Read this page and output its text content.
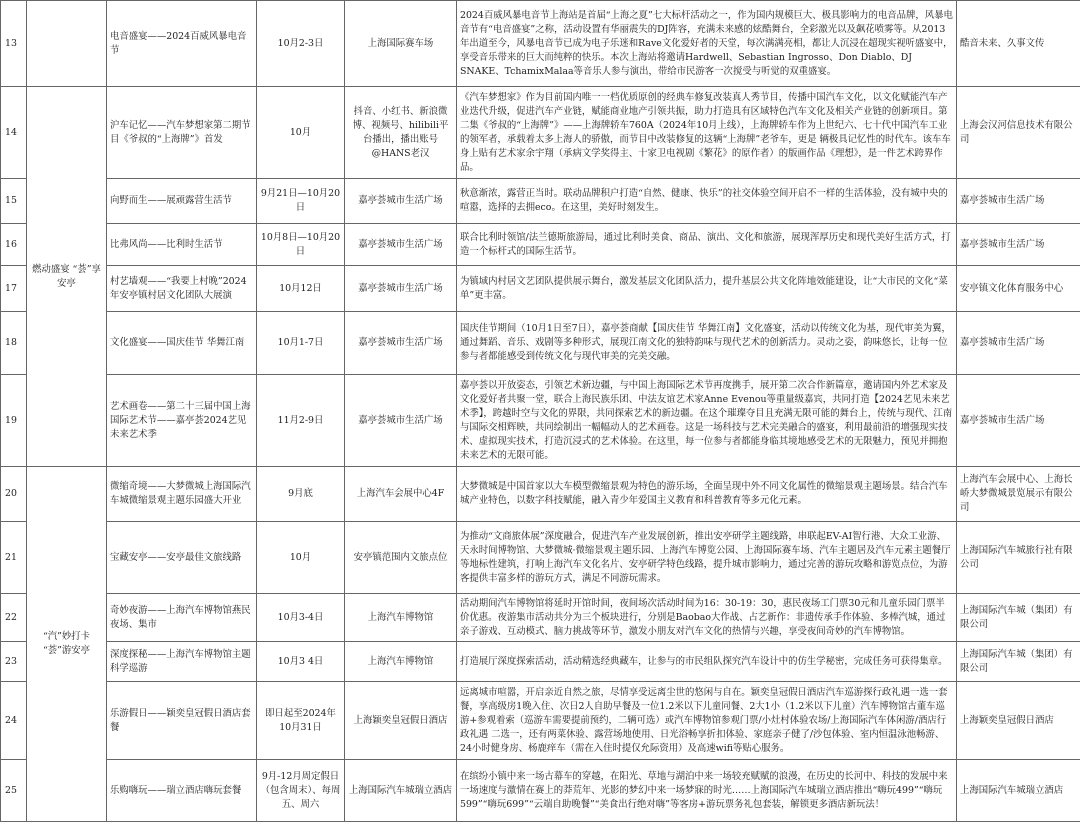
13		电音盛宴——2024百威风暴电音节	10月2-3日	上海国际赛车场	2024百威风暴电音节上海站是首届“上海之夏”七大标杆活动之一，作为国内规模巨大、极具影响力的电音品牌，风暴电音节有“电音盛宴”之称，活动设置有华丽震失的DJ阵容，充满未来感的炫酷舞台，全彩激光以及飙花喷雾等。从2013年出道至今，风暴电音节已成为电子乐迷和Rave文化爱好者的天堂，每次满满亮相，都让人沉浸在超现实视听盛宴中，享受音乐带来的巨大而纯粹的快乐。本次上海站将邀请Hardwell、Sebastian Ingrosso、Don Diablo、DJ SNAKE、TchamixMalaa等音乐人参与演出，带给市民游客一次搅受与听觉的双重盛宴。	酷音未来、久事文传
14	燃动盛宴 “荟”享安亭	沪车记忆——汽车梦想家第二期节目《爷叔的“上海牌”》首发	10月	抖音、小红书、新浪微博、视频号、hilibili平台播出，播出账号@HANS老汉	《汽车梦想家》作为目前国内唯一一档优质原创的经典车修复改装真人秀节目，传播中国汽车文化，以文化赋能汽车产业迭代升级，促进汽车产业链，赋能商业地产引领共振，助力打造具有区域特色汽车文化及相关产业链的创新项目。第二集《爷叔的“上海牌”》——上海牌轿车760A（2024年10月上线），上海牌轿车作为上世纪六、七十代中国汽车工业的领军者，承载着太多上海人的骄傲，而节目中改装修复的这辆“上海牌”老爷车，更是 辆极具记忆性的时代车。该车车身上贴有艺术家余宇翔（承病文学奖得主、十家卫电视剧《繁花》的原作者）的版画作品《理想》，是一件艺术跨界作品。	上海会汉河信息技术有限公司
15		向野而生——展顽露营生活节	9月21日—10月20日	嘉亭荟城市生活广场	秋意渐浓，露营正当时。联动品牌积户打造“自然、健康、快乐”的社交体验空间开启不一样的生活体验，没有城中央的喧嚣，选择的去拥eco。在这里，美好时刻发生。	嘉亭荟城市生活广场
16		比弗风尚——比利时生活节	10月8日—10月20日	嘉亭荟城市生活广场	联合比利时领馆/法兰德斯旅游局，通过比利时美食、商品、演出、文化和旅游，展现浑厚历史和现代美好生活方式，打造一个标杆式的国际生活节。	嘉亭荟城市生活广场
17		村艺墙观——“我要上村晚”2024年安亭镇村居文化团队大展演	10月12日	嘉亭荟城市生活广场	为镇域内村居文艺团队提供展示舞台，激发基层文化团队活力，提升基层公共文化阵地效能建设，让“大市民的文化“菜单”更丰富。	安亭镇文化体育服务中心
18		文化盛宴——国庆佳节 华舞江南	10月1-7日	嘉亭荟城市生活广场	国庆佳节期间（10月1日至7日），嘉亭荟商献【国庆佳节 华舞江南】文化盛宴，活动以传统文化为基，现代审美为翼，通过舞蹈、音乐、戏剧等多种形式，展现江南文化的独特韵味与现代艺术的创新活力。灵动之姿，韵味悠长，让每一位参与者都能感受到传统文化与现代审美的完美交融。	嘉亭荟城市生活广场
19		艺术画卷——第二十三届中国上海国际艺术节——嘉亭荟2024艺见未来艺术季	11月2-9日	嘉亭荟城市生活广场	嘉亭荟以开放姿态，引领艺术新边疆，与中国上海国际艺术节再度携手，展开第二次合作新篇章，邀请国内外艺术家及文化爱好者共聚一堂，联合上海民族乐团、中法友谊艺术家Anne Evenou等重量级嘉宾，共同打造【2024艺见未来艺术季】，跨越时空与文化的界限，共同探索艺术的新边疆。在这个璀璨夺目且充满无限可能的舞台上，传统与现代、江南与国际交相辉映，共同绘制出一幅幅动人的艺术画卷。这是一场科技与艺术完美融合的盛宴，利用最前沿的增强现实技术、虚拟现实技术，打造沉浸式的艺术体验。在这里，每一位参与者都能身临其境地感受艺术的无限魅力，预见并拥抱未来艺术的无限可能。	嘉亭荟城市生活广场
20	“汽”妙打卡 “荟”游安亭	微缩奇境——大梦微城上海国际汽车城微缩景观主题乐园盛大开业	9月底	上海汽车会展中心4F	大梦微城是中国首家以大车模型微缩景观为特色的游乐场，全面呈现中外不同文化属性的微缩景观主题场景。结合汽车城产业特色，以数字科技赋能，融入青少年爱国主义教育和科普教育等多元化元素。	上海汽车会展中心、上海长峤大梦微城景览展示有限公司
21		宝藏安亭——安亭最佳文旅线路	10月	安亭镇范围内文旅点位	为推动“文商旅体展”深度融合，促进汽车产业发展创新，推出安亭研学主题线路，串联起EV-AI智行港、大众工业游、天永时间博物馆、大梦微城·微缩景观主题乐园、上海汽车博览公园、上海国际赛车场、汽车主题居及汽车元素主题餐厅等地标性建筑，打响上海汽车文化名片、安亭研学特色线路，提升城市影响力，通过完善的游玩攻略和游览点位，为游客提供丰富多样的游玩方式，满足不同游玩需求。	上海国际汽车城旅行社有限公司
22		奇妙夜游——上海汽车博物馆燕民夜场、集市	10月3-4日	上海汽车博物馆	活动期间汽车博物馆将延时开馆时间，夜间场次活动时间为16：30-19：30，惠民夜场工门票30元和儿童乐园门票半价优惠。夜游集市活动共分为三个板块进行，分别是Baobao大作战、占艺新作：非遗传承手作体验、多棒汽城，通过亲子游戏、互动模式、脑力挑战等环节，激发小朋友对汽车文化的热情与兴趣，享受夜间奇妙的汽车博物馆。	上海国际汽车城（集团）有限公司
23		深度探秘——上海汽车博物馆主题科学巡游	10月3 4日	上海汽车博物馆	打造展厅深度探索活动，活动精选经典藏车，让参与的市民组队探究汽车设计中的仿生学秘密，完成任务可获得集章。	上海国际汽车城（集团）有限公司
24		乐游假日——颖奕皇冠假日酒店套餐	即日起至2024年10月31日	上海颖奕皇冠假日酒店	远离城市喧嚣，开启亲近自然之旅，尽情享受远离尘世的悠闲与自在。颖奕皇冠假日酒店汽车巡游探行政礼遇一选一套餐，享高级房1晚入住、次日2人自助早餐及一位1.2米以下儿童同餐、2大1小（1.2米以下儿童）汽车博物馆古董车巡游+参观着索（巡游车需要提前预约，二辆可选）或汽车博物馆参观门票/小灶村体验农场/上海国际汽车体闲游/酒店行政礼遇 二选一，还有两菜休验、露营场地使用、日光浴畅享折扣体验、家庭亲子健了/沙包体验、室内恒温泳池畅游、24小时健身房、杨鹿痒车（需在入住时提仅允际资用）及高速wifi等贴心服务。	上海颖奕皇冠假日酒店
25		乐购嗨玩——瑞立酒店嗨玩套餐	9月-12月周定假日（包含周末）、每周五、周六	上海国际汽车城瑞立酒店	在缤纷小镇中来一场古幕车的穿越，在阳光、草地与湖泊中来一场较充赋赋的浪漫，在历史的长河中、科技的发展中来一场速度与激情在赛上的莽荒年、光影的梦幻中来一场梦寐的时光……上海国际汽车城瑞立酒店推出“嗨玩499”“嗨玩599”“嗨玩699”“云端自助晚餐”“美食出行绝对嗨”等客房+游玩票务礼包套装，解锁更多酒店新玩法！	上海国际汽车城瑞立酒店
